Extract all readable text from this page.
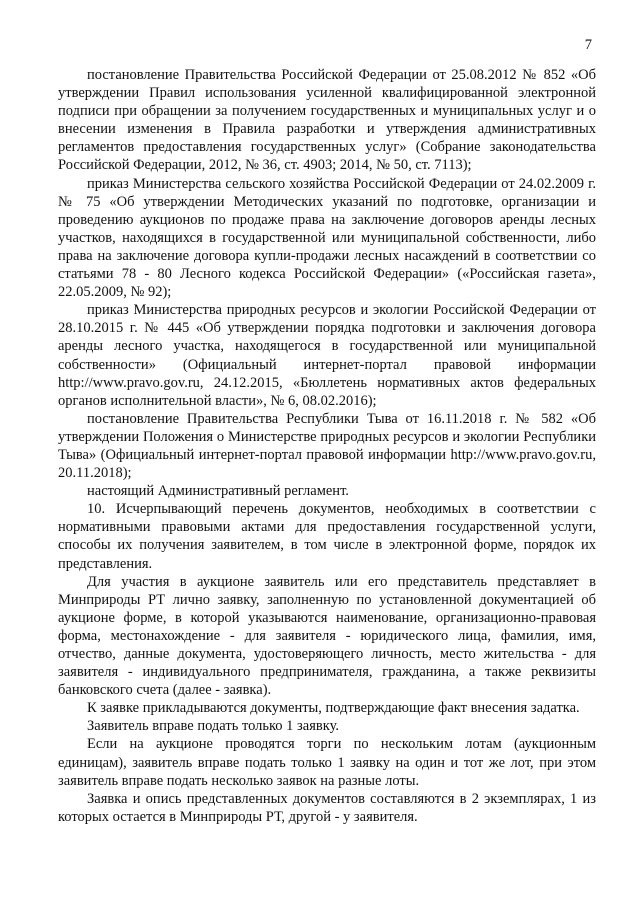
7

постановление Правительства Российской Федерации от 25.08.2012 № 852 «Об утверждении Правил использования усиленной квалифицированной электронной подписи при обращении за получением государственных и муниципальных услуг и о внесении изменения в Правила разработки и утверждения административных регламентов предоставления государственных услуг» (Собрание законодательства Российской Федерации, 2012, № 36, ст. 4903; 2014, № 50, ст. 7113);

приказ Министерства сельского хозяйства Российской Федерации от 24.02.2009 г. № 75 «Об утверждении Методических указаний по подготовке, организации и проведению аукционов по продаже права на заключение договоров аренды лесных участков, находящихся в государственной или муниципальной собственности, либо права на заключение договора купли-продажи лесных насаждений в соответствии со статьями 78 - 80 Лесного кодекса Российской Федерации» («Российская газета», 22.05.2009, № 92);

приказ Министерства природных ресурсов и экологии Российской Федерации от 28.10.2015 г. № 445 «Об утверждении порядка подготовки и заключения договора аренды лесного участка, находящегося в государственной или муниципальной собственности» (Официальный интернет-портал правовой информации http://www.pravo.gov.ru, 24.12.2015, «Бюллетень нормативных актов федеральных органов исполнительной власти», № 6, 08.02.2016);

постановление Правительства Республики Тыва от 16.11.2018 г. № 582 «Об утверждении Положения о Министерстве природных ресурсов и экологии Республики Тыва» (Официальный интернет-портал правовой информации http://www.pravo.gov.ru, 20.11.2018);

настоящий Административный регламент.

10. Исчерпывающий перечень документов, необходимых в соответствии с нормативными правовыми актами для предоставления государственной услуги, способы их получения заявителем, в том числе в электронной форме, порядок их представления.

Для участия в аукционе заявитель или его представитель представляет в Минприроды РТ лично заявку, заполненную по установленной документацией об аукционе форме, в которой указываются наименование, организационно-правовая форма, местонахождение - для заявителя - юридического лица, фамилия, имя, отчество, данные документа, удостоверяющего личность, место жительства - для заявителя - индивидуального предпринимателя, гражданина, а также реквизиты банковского счета (далее - заявка).

К заявке прикладываются документы, подтверждающие факт внесения задатка.

Заявитель вправе подать только 1 заявку.

Если на аукционе проводятся торги по нескольким лотам (аукционным единицам), заявитель вправе подать только 1 заявку на один и тот же лот, при этом заявитель вправе подать несколько заявок на разные лоты.

Заявка и опись представленных документов составляются в 2 экземплярах, 1 из которых остается в Минприроды РТ, другой - у заявителя.
